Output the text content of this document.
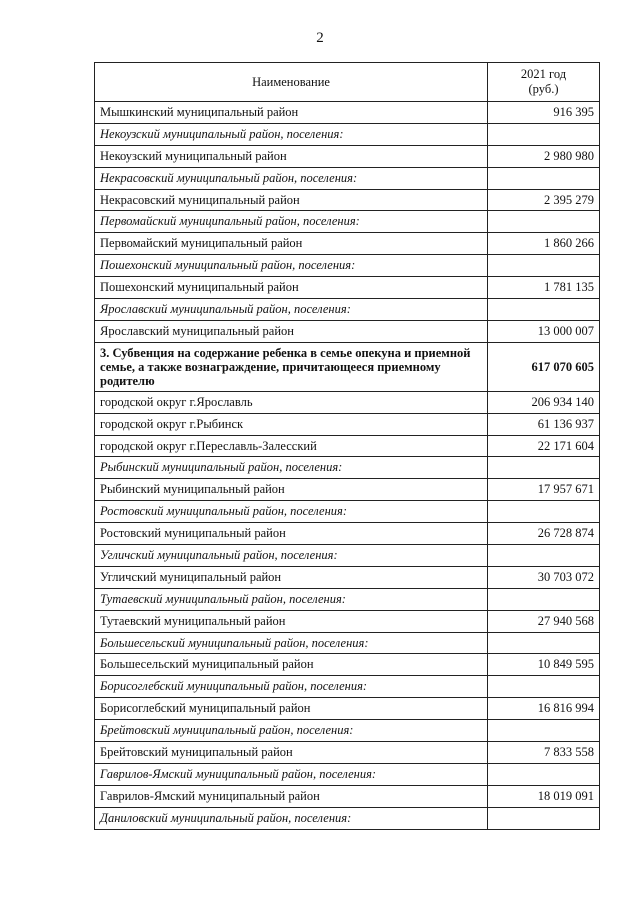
2
Наименование	2021 год
(руб.)

Мышкинский муниципальный район	916 395
Некоузский муниципальный район, поселения:	
Некоузский муниципальный район	2 980 980
Некрасовский муниципальный район, поселения:	
Некрасовский муниципальный район	2 395 279
Первомайский муниципальный район, поселения:	
Первомайский муниципальный район	1 860 266
Пошехонский муниципальный район, поселения:	
Пошехонский муниципальный район	1 781 135
Ярославский муниципальный район, поселения:	
Ярославский муниципальный район	13 000 007
3. Субвенция на содержание ребенка в семье опекуна и приемной семье, а также вознаграждение, причитающееся приемному родителю	617 070 605
городской округ г.Ярославль	206 934 140
городской округ г.Рыбинск	61 136 937
городской округ г.Переславль-Залесский	22 171 604
Рыбинский муниципальный район, поселения:	
Рыбинский муниципальный район	17 957 671
Ростовский муниципальный район, поселения:	
Ростовский муниципальный район	26 728 874
Угличский муниципальный район, поселения:	
Угличский муниципальный район	30 703 072
Тутаевский муниципальный район, поселения:	
Тутаевский муниципальный район	27 940 568
Большесельский муниципальный район, поселения:	
Большесельский муниципальный район	10 849 595
Борисоглебский муниципальный район, поселения:	
Борисоглебский муниципальный район	16 816 994
Брейтовский муниципальный район, поселения:	
Брейтовский муниципальный район	7 833 558
Гаврилов-Ямский муниципальный район, поселения:	
Гаврилов-Ямский муниципальный район	18 019 091
Даниловский муниципальный район, поселения:	
